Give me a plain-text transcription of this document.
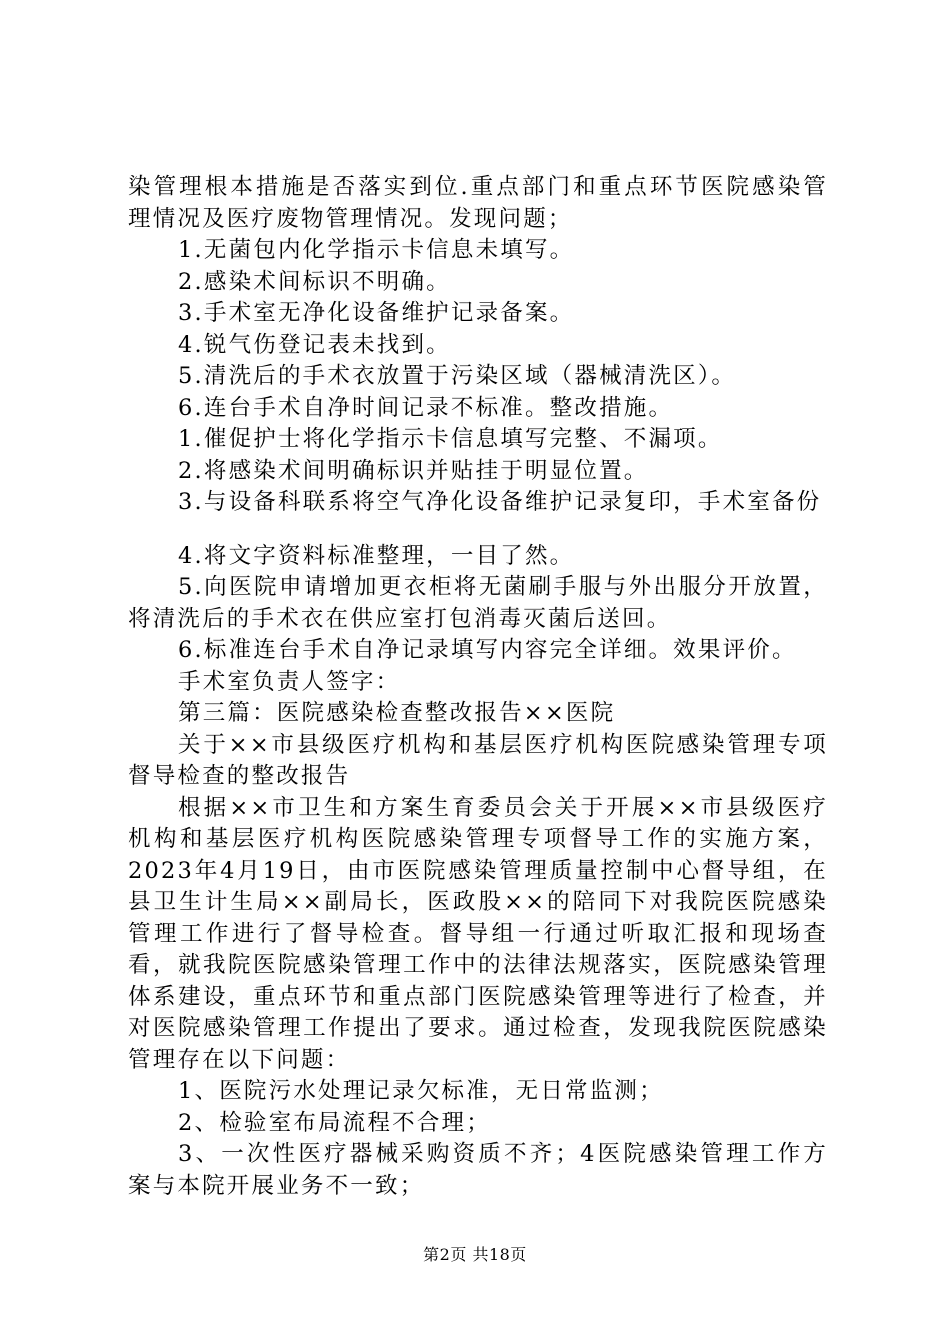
染管理根本措施是否落实到位.重点部门和重点环节医院感染管理情况及医疗废物管理情况。发现问题；

1.无菌包内化学指示卡信息未填写。

2.感染术间标识不明确。

3.手术室无净化设备维护记录备案。

4.锐气伤登记表未找到。

5.清洗后的手术衣放置于污染区域（器械清洗区）。

6.连台手术自净时间记录不标准。整改措施。

1.催促护士将化学指示卡信息填写完整、不漏项。

2.将感染术间明确标识并贴挂于明显位置。

3.与设备科联系将空气净化设备维护记录复印，手术室备份

4.将文字资料标准整理，一目了然。

5.向医院申请增加更衣柜将无菌刷手服与外出服分开放置，将清洗后的手术衣在供应室打包消毒灭菌后送回。

6.标准连台手术自净记录填写内容完全详细。效果评价。

手术室负责人签字：

第三篇：医院感染检查整改报告××医院

关于××市县级医疗机构和基层医疗机构医院感染管理专项督导检查的整改报告

根据××市卫生和方案生育委员会关于开展××市县级医疗机构和基层医疗机构医院感染管理专项督导工作的实施方案，2023年4月19日，由市医院感染管理质量控制中心督导组，在县卫生计生局××副局长，医政股××的陪同下对我院医院感染管理工作进行了督导检查。督导组一行通过听取汇报和现场查看，就我院医院感染管理工作中的法律法规落实，医院感染管理体系建设，重点环节和重点部门医院感染管理等进行了检查，并对医院感染管理工作提出了要求。通过检查，发现我院医院感染管理存在以下问题：

1、医院污水处理记录欠标准，无日常监测；

2、检验室布局流程不合理；

3、一次性医疗器械采购资质不齐；4医院感染管理工作方案与本院开展业务不一致；

第2页 共18页
